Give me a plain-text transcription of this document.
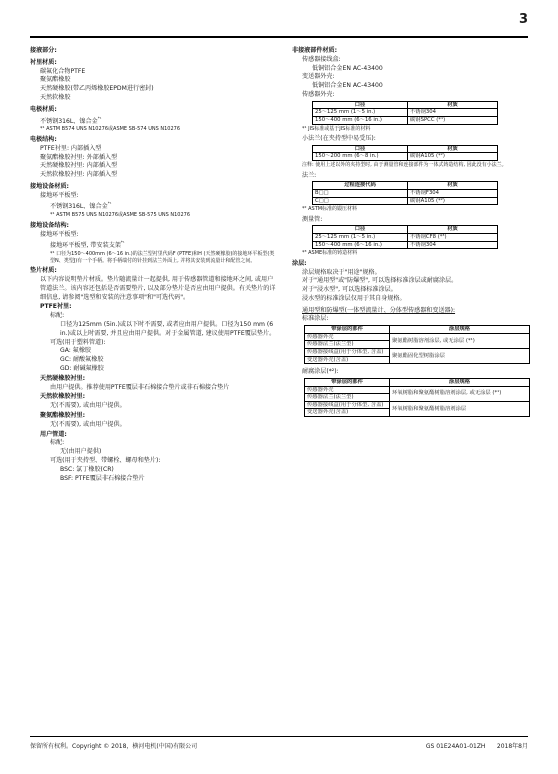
3
接液部分:
衬里材质:
碳氟化合物PTFE
聚氨酯橡胶
天然硬橡胶(带乙丙烯橡胶EPDM进行密封)
天然软橡胶
电极材质:
不锈钢316L、镍合金$^{*^1}$
*¹ ASTM B574 UNS N10276或ASME SB-574 UNS N10276
电极结构:
PTFE衬里: 内部插入型
聚氨酯橡胶衬里: 外部插入型
天然硬橡胶衬里: 内部插入型
天然软橡胶衬里: 内部插入型
接地设备材质:
接地环平板型:
不锈钢316L、镍合金$^{*^1}$
*¹ ASTM B575 UNS N10276或ASME SB-575 UNS N10276
接地设备结构:
接地环平板型:
接地环平板型, 带安装支架$^{*^1}$
*¹ 口径为150～400mm (6～16 in.)的法兰型衬里代码F (PTFE)和H (天然硬橡胶)的接地环平板型(类型N、类型J)有一个手柄。将手柄端付的针挂到法兰外面上, 并将其安装到流量计和配管之间。
垫片材质:
以下内容说明垫片材质。垫片随流量计一起提供, 用于传感器管道和接地环之间, 或用户管道法兰。该内容还包括是否需要垫片, 以及部分垫片是否应由用户提供。有关垫片的详细信息, 请参阅"选型和安装的注意事项"和"可选代码"。
PTFE衬里:
标配:
口径为125mm (5in.)或以下时不需要, 或者应由用户提供。口径为150 mm (6 in.)或以上时需要, 并且应由用户提供。对于金属管道, 建议使用PTFE覆层垫片。
可选(用于塑料管道):
GA: 氟橡胶
GC: 耐酸氟橡胶
GD: 耐碱氟橡胶
天然硬橡胶衬里:
由用户提供。推荐使用PTFE覆层非石棉接合垫片或非石棉接合垫片
天然软橡胶衬里:
无(不需要), 或由用户提供。
聚氨酯橡胶衬里:
无(不需要), 或由用户提供。
用户管道:
标配:
无(由用户提供)
可选(用于夹持型、带螺栓、螺母和垫片):
BSC: 氯丁橡胶(CR)
BSF: PTFE覆层非石棉接合垫片
非接液部件材质:
传感器接线盒:
低铜铝合金EN AC-43400
变送器外壳:
低铜铝合金EN AC-43400
传感器外壳:
口径	材质
25～125 mm (1～5 in.)	不锈钢304
150～400 mm (6～16 in.)	碳钢SPCC (*¹)
*¹ JIS标准或基于JIS标准的材料
小法兰(在夹持型中易受压):
口径	材质
150～200 mm (6～8 in.)	碳钢A105 (*²)
注释: 使用上述以外的夹持型时, 由于测量管和连接部件为一体式铸造结构, 因此没有小法兰。
法兰:
过程连接代码	材质
B□□	不锈钢F304
C□□	碳钢A105 (*²)
*² ASTM标准的锻压材料
测量管:
口径	材质
25～125 mm (1～5 in.)	不锈钢CF8 (*³)
150～400 mm (6～16 in.)	不锈钢304
*³ ASME标准的铸造材料
涂层:
涂层规格取决于"用途"规格。
对于"通用型"或"防爆型", 可以选择标准涂层或耐腐涂层。
对于"浸水型", 可以选择标准涂层。
浸水型的标准涂层仅用于其自身规格。
通用型和防爆型(一体型流量计、分体型传感器和变送器):
标准涂层:
带涂层的部件	涂层规格
传感器外壳	聚氨酯树脂溶剂涂层, 或无涂层 (*¹)
传感器法兰(法兰型)	
传感器接线盒(用于分体型, 含盖)	聚氨酯固化型树脂涂层
变送器外壳(含盖)	
耐腐涂层(*²):
带涂层的部件	涂层规格
传感器外壳	环氧树脂和聚氨酯树脂溶剂涂层, 或无涂层 (*¹)
传感器法兰(法兰型)	
传感器接线盒(用于分体型, 含盖)	环氧树脂和聚氨酯树脂溶剂涂层
变送器外壳(含盖)	
保留所有权利。Copyright © 2018，横河电机(中国)有限公司	GS 01E24A01-01ZH 2018年8月
